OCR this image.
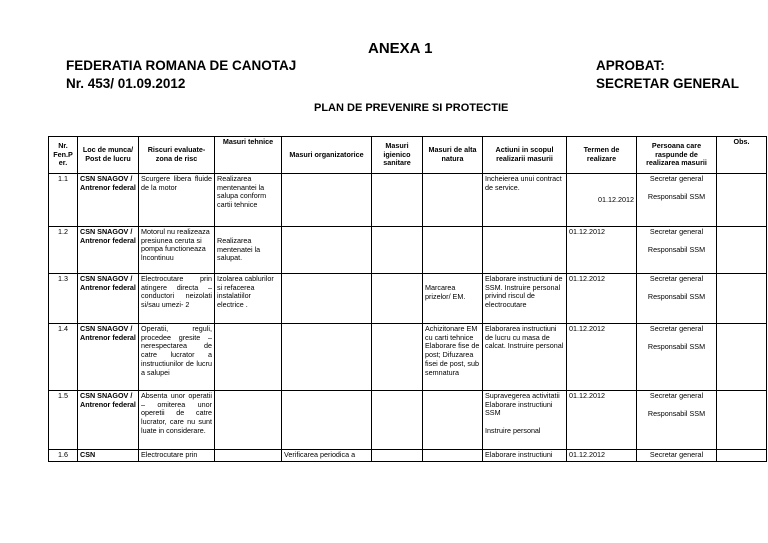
ANEXA 1
FEDERATIA ROMANA DE CANOTAJ
Nr. 453/ 01.09.2012
APROBAT:
SECRETAR GENERAL
PLAN DE PREVENIRE SI PROTECTIE
Nr. Fen.P er.	Loc de munca/ Post de lucru	Riscuri evaluate- zona de risc	Masuri tehnice	Masuri organizatorice	Masuri igienico sanitare	Masuri de alta natura	Actiuni in scopul realizarii masurii	Termen de realizare	Persoana care raspunde de realizarea masurii	Obs.
1.1	CSN SNAGOV / Antrenor federal	Scurgere libera fluide de la motor	Realizarea mentenantei la salupa conform cartii tehnice				Incheierea unui contract de service.	01.12.2012	Secretar general
Responsabil SSM	

1.2	CSN SNAGOV / Antrenor federal	Motorul nu realizeaza presiunea ceruta si pompa functioneaza lncontinuu	Realizarea mentenatei la salupat.					01.12.2012	Secretar general
Responsabil SSM	

1.3	CSN SNAGOV / Antrenor federal	Electrocutare prin atingere directa – conductori neizolati si/sau umezi- 2	Izolarea cablurilor si refacerea instalatiilor electrice .			Marcarea prizelor/ EM.	Elaborare instructiuni de SSM. Instruire personal privind riscul de electrocutare	01.12.2012	Secretar general
Responsabil SSM	

1.4	CSN SNAGOV / Antrenor federal	Operatii, reguli, procedee gresite – nerespectarea de catre lucrator a instructiunilor de lucru a salupei				Achizitonare EM cu carti tehnice Elaborare fise de post; Difuzarea fisei de post, sub semnatura	Elaborarea instructiuni de lucru cu masa de calcat. Instruire personal	01.12.2012	Secretar general
Responsabil SSM	

1.5	CSN SNAGOV / Antrenor federal	Absenta unor operatii – omiterea unor operetii de catre lucrator, care nu sunt luate in considerare.					Supravegerea activitatii Elaborare instructiuni SSM
Instruire personal	01.12.2012	Secretar general
Responsabil SSM	

1.6	CSN	Electrocutare prin		Verificarea periodica a			Elaborare instructiuni	01.12.2012	Secretar general	
